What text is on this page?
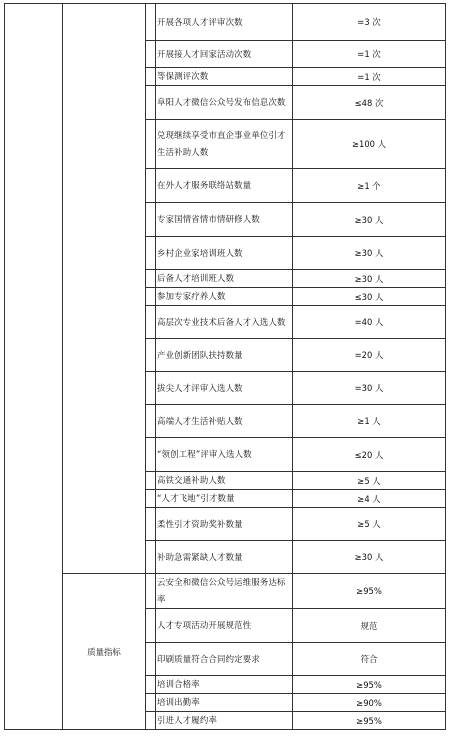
			开展各项人才评审次数	=3 次
			开展接人才回家活动次数	=1 次
			等保测评次数	=1 次
			阜阳人才微信公众号发布信息次数	≤48 次
			兑现继续享受市直企事业单位引才生活补助人数	≥100 人
			在外人才服务联络站数量	≥1 个
			专家国情省情市情研修人数	≥30 人
			乡村企业家培训班人数	≥30 人
			后备人才培训班人数	≥30 人
			参加专家疗养人数	≤30 人
			高层次专业技术后备人才入选人数	=40 人
			产业创新团队扶持数量	=20 人
			拔尖人才评审入选人数	=30 人
			高端人才生活补贴人数	≥1 人
			“领创工程”评审入选人数	≤20 人
			高铁交通补助人数	≥5 人
			“人才飞地”引才数量	≥4 人
			柔性引才资助奖补数量	≥5 人
			补助急需紧缺人才数量	≥30 人
	质量指标		云安全和微信公众号运维服务达标率	≥95%
			人才专项活动开展规范性	规范
			印刷质量符合合同约定要求	符合
			培训合格率	≥95%
			培训出勤率	≥90%
			引进人才履约率	≥95%
